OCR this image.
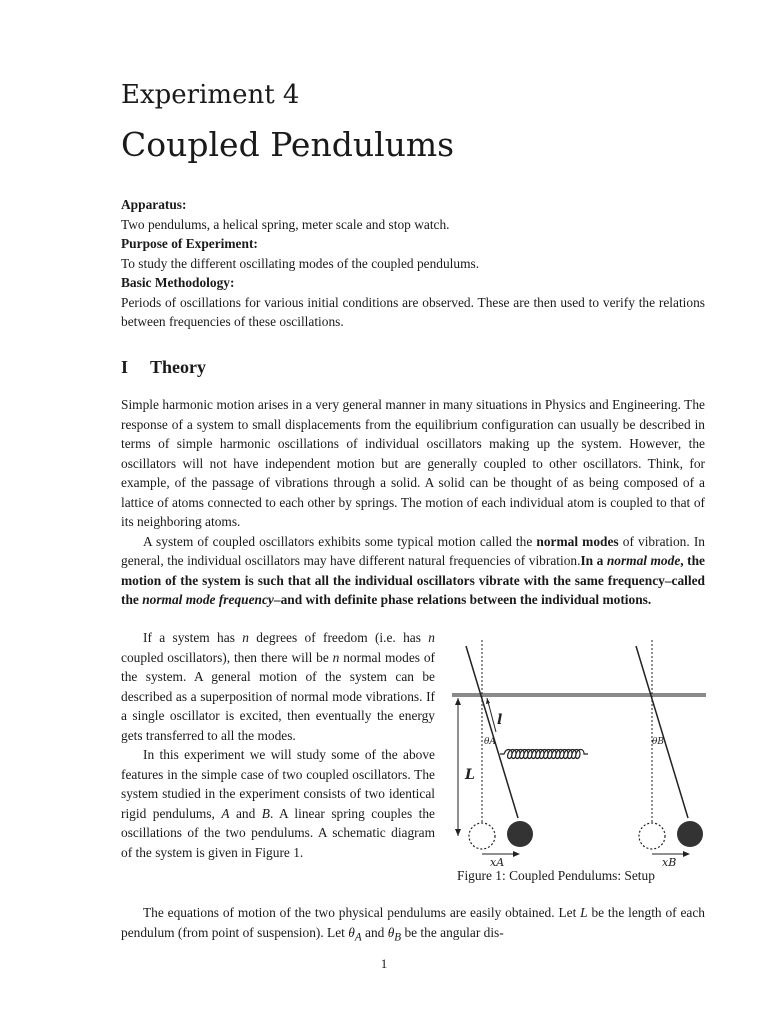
Experiment 4
Coupled Pendulums
Apparatus:
Two pendulums, a helical spring, meter scale and stop watch.
Purpose of Experiment:
To study the different oscillating modes of the coupled pendulums.
Basic Methodology:

Periods of oscillations for various initial conditions are observed. These are then used to verify the relations between frequencies of these oscillations.

I Theory

Simple harmonic motion arises in a very general manner in many situations in Physics and Engineering. The response of a system to small displacements from the equilibrium configuration can usually be described in terms of simple harmonic oscillations of individual oscillators making up the system. However, the oscillators will not have independent motion but are generally coupled to other oscillators. Think, for example, of the passage of vibrations through a solid. A solid can be thought of as being composed of a lattice of atoms connected to each other by springs. The motion of each individual atom is coupled to that of its neighboring atoms.

A system of coupled oscillators exhibits some typical motion called the normal modes of vibration. In general, the individual oscillators may have different natural frequencies of vibration.In a normal mode, the motion of the system is such that all the individual oscillators vibrate with the same frequency–called the normal mode frequency–and with definite phase relations between the individual motions.

If a system has n degrees of freedom (i.e. has n coupled oscillators), then there will be n normal modes of the system. A general motion of the system can be described as a superposition of normal mode vibrations. If a single oscillator is excited, then eventually the energy gets transferred to all the modes.

In this experiment we will study some of the above features in the simple case of two coupled oscillators. The system studied in the experiment consists of two identical rigid pendulums, A and B. A linear spring couples the oscillations of the two pendulums. A schematic diagram of the system is given in Figure 1.

l
L
θA	θB
xA	xB
Figure 1: Coupled Pendulums: Setup

The equations of motion of the two physical pendulums are easily obtained. Let L be the length of each pendulum (from point of suspension). Let $\theta_A$ and $\theta_B$ be the angular dis-

1
